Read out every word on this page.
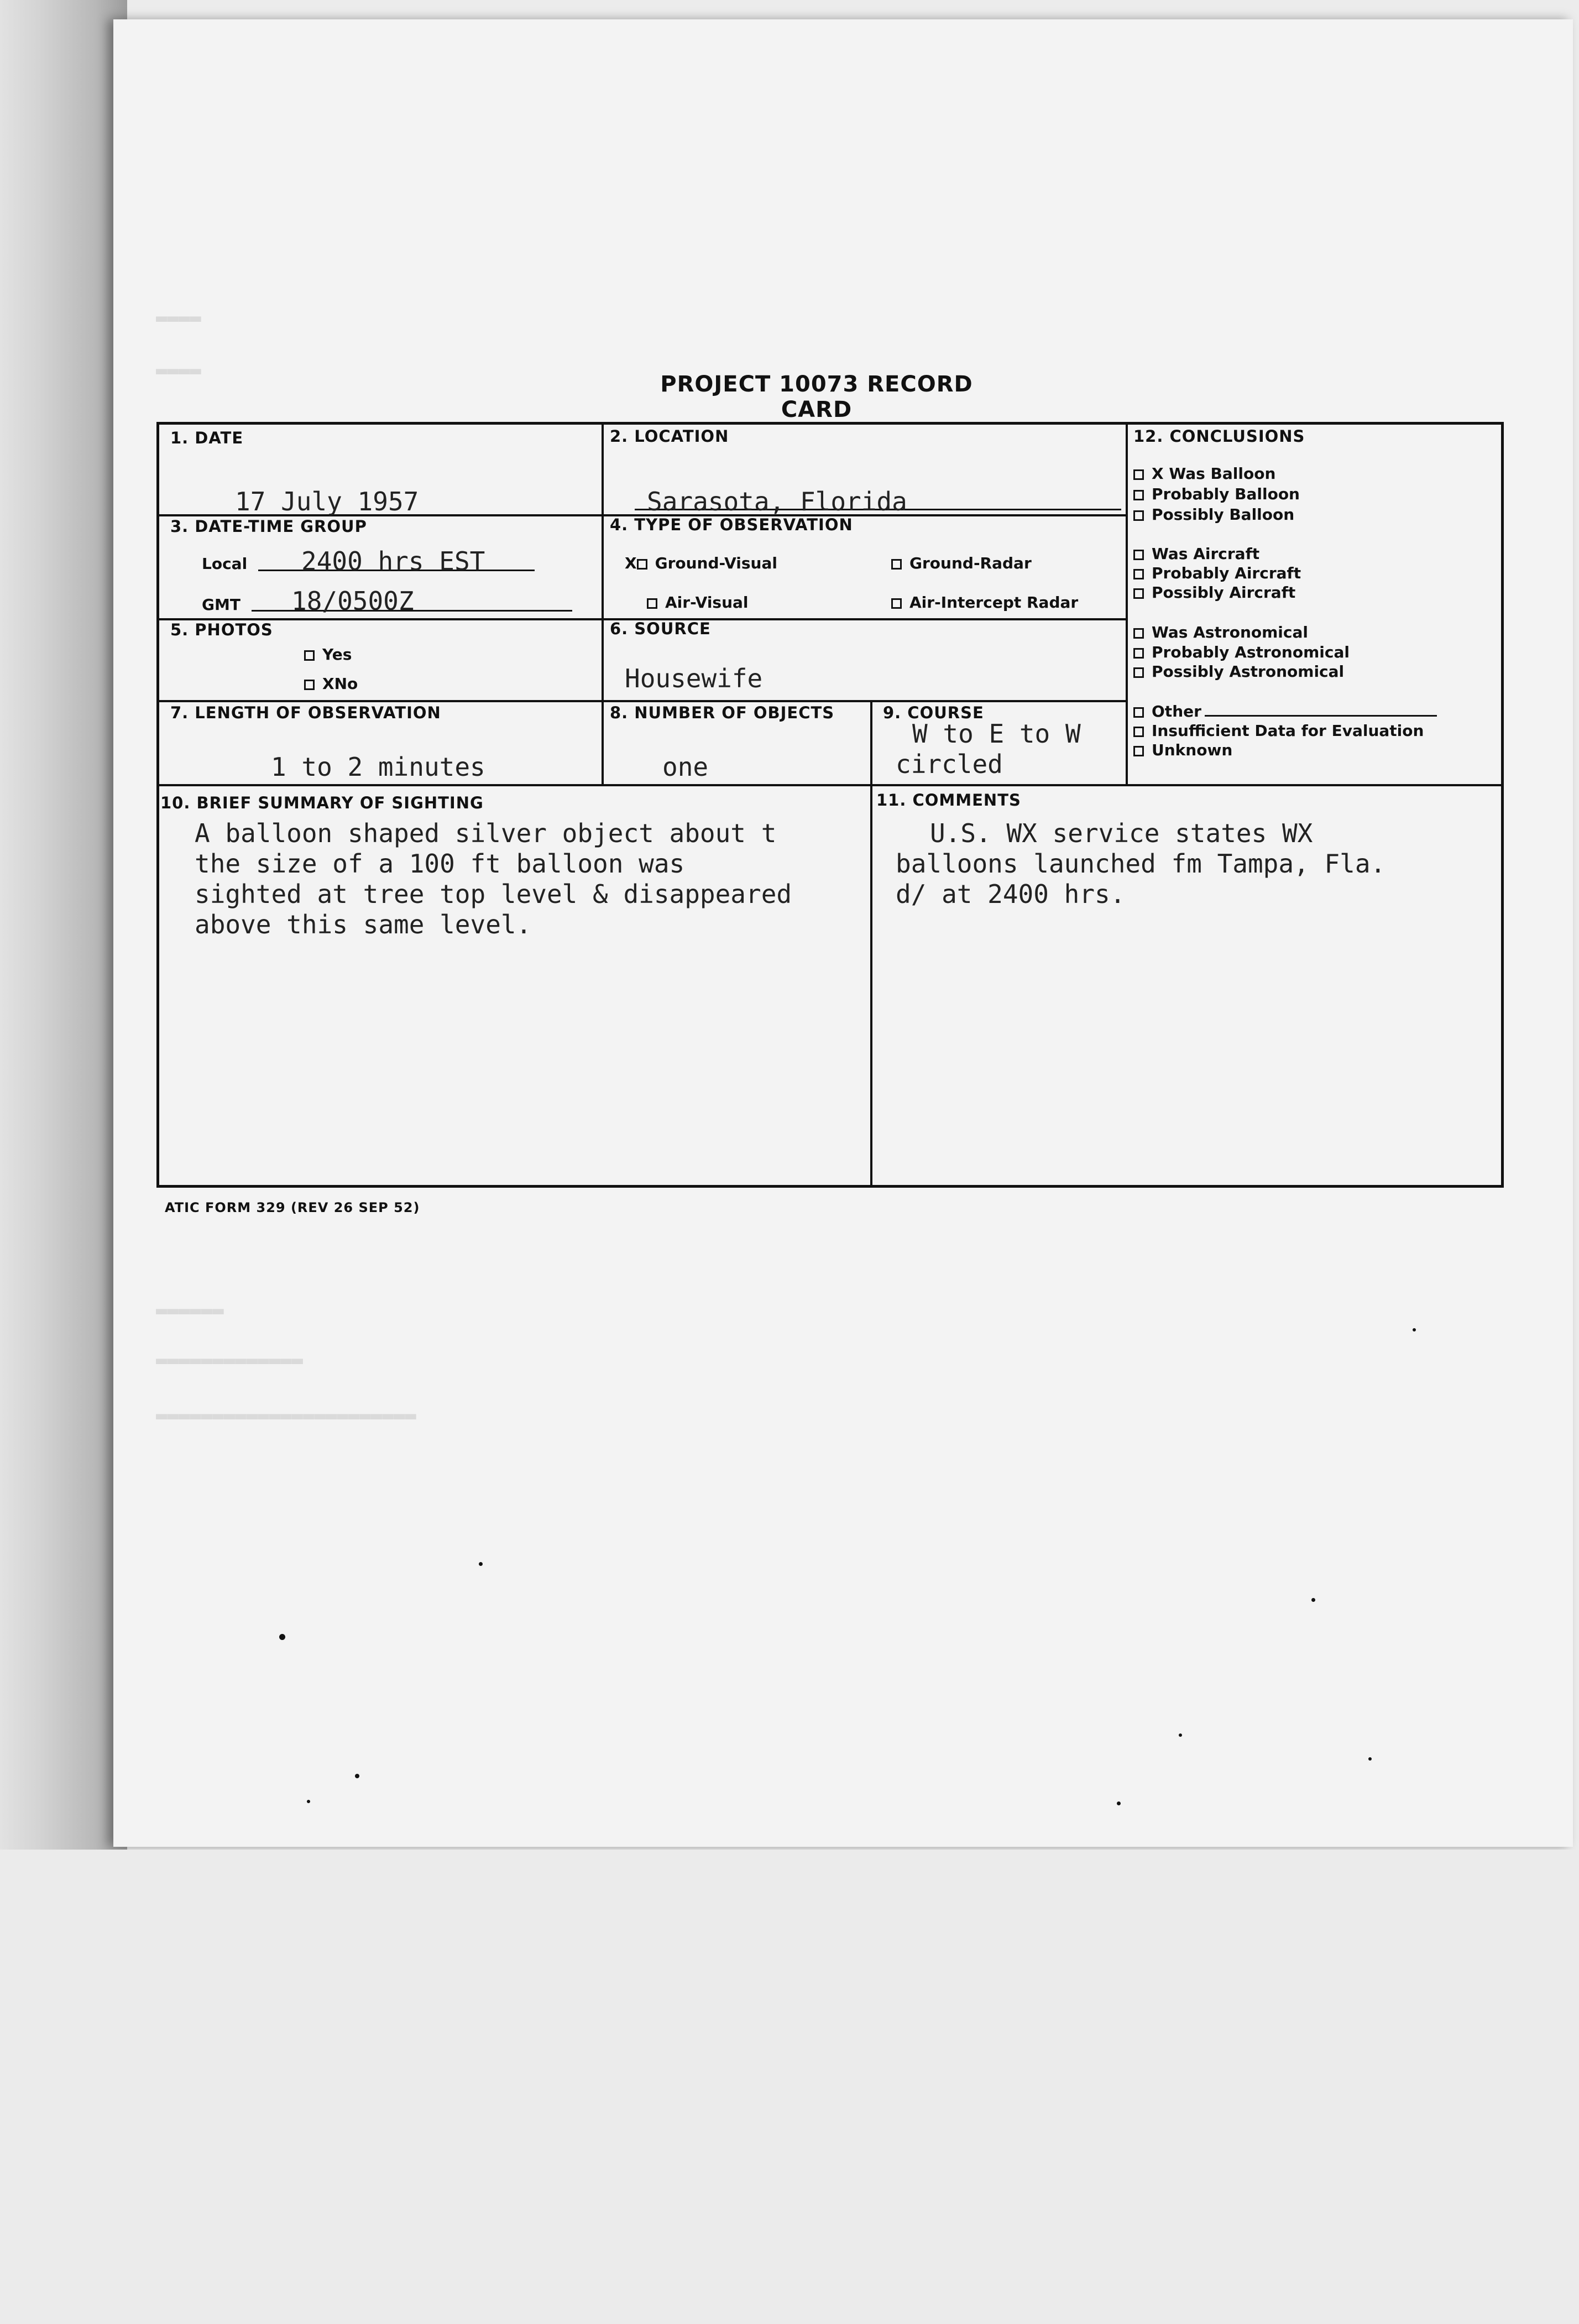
▬▬▬▬
▬▬▬▬
▬▬▬▬▬▬
▬▬▬▬▬▬▬▬▬▬▬▬▬
▬▬▬▬▬▬▬▬▬▬▬▬▬▬▬▬▬▬▬▬▬▬▬
PROJECT 10073 RECORD CARD
1. DATE
17 July 1957
2. LOCATION
Sarasota, Florida
3. DATE-TIME GROUP
Local 2400 hrs EST
GMT 18/0500Z
4. TYPE OF OBSERVATION
X Ground-Visual	Ground-Radar
Air-Visual	Air-Intercept Radar
5. PHOTOS
Yes
XNo
6. SOURCE
Housewife
7. LENGTH OF OBSERVATION
1 to 2 minutes
8. NUMBER OF OBJECTS
one
9. COURSE
W to E to W
circled
10. BRIEF SUMMARY OF SIGHTING
A balloon shaped silver object about t
the size of a 100 ft balloon was
sighted at tree top level & disappeared
above this same level.
11. COMMENTS
U.S. WX service states WX
balloons launched fm Tampa, Fla.
d/ at 2400 hrs.
12. CONCLUSIONS
X Was Balloon
Probably Balloon
Possibly Balloon
Was Aircraft
Probably Aircraft
Possibly Aircraft
Was Astronomical
Probably Astronomical
Possibly Astronomical
Other
Insufficient Data for Evaluation
Unknown
ATIC FORM 329 (REV 26 SEP 52)
